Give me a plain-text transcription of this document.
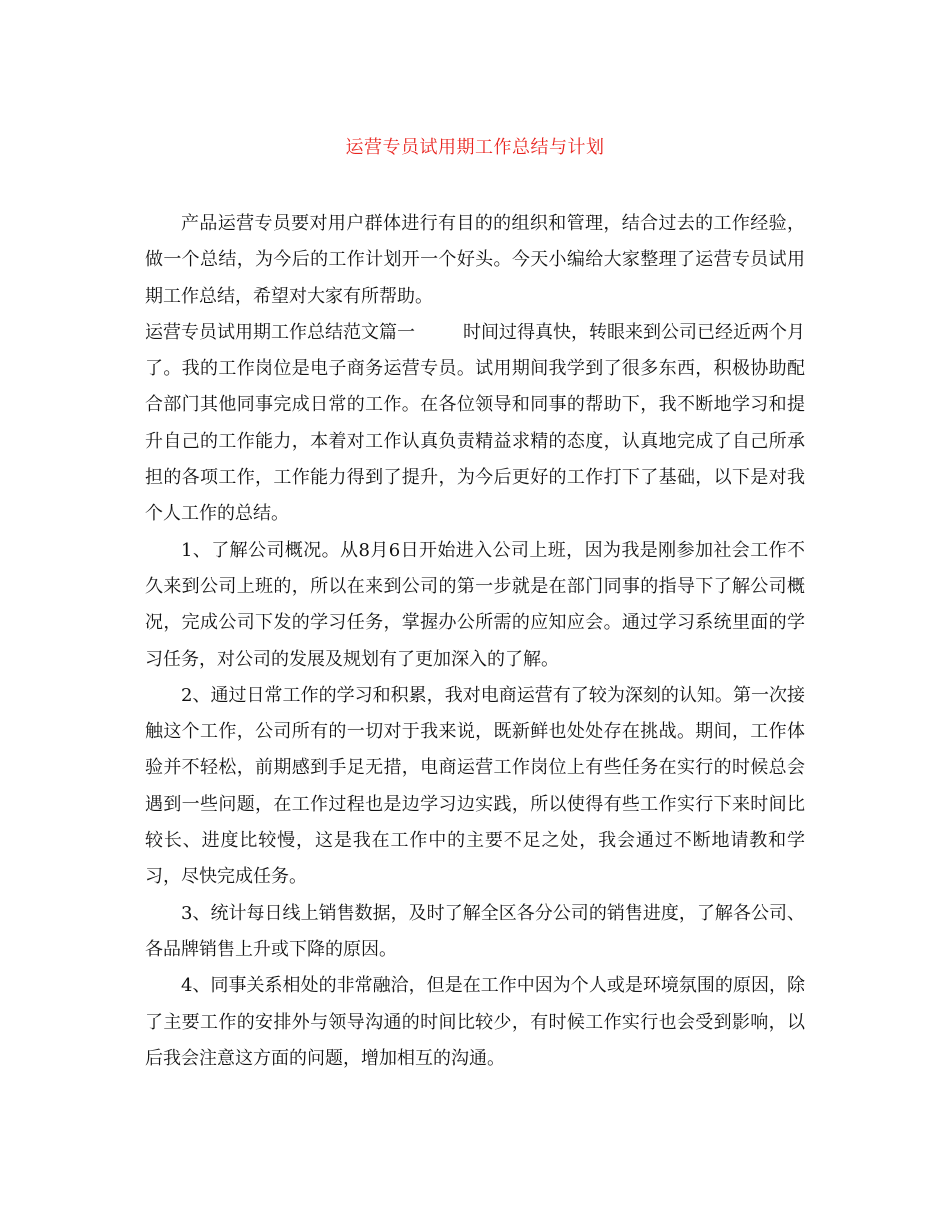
运营专员试用期工作总结与计划

产品运营专员要对用户群体进行有目的的组织和管理，结合过去的工作经验，做一个总结，为今后的工作计划开一个好头。今天小编给大家整理了运营专员试用期工作总结，希望对大家有所帮助。

运营专员试用期工作总结范文篇一	时间过得真快，转眼来到公司已经近两个月了。我的工作岗位是电子商务运营专员。试用期间我学到了很多东西，积极协助配合部门其他同事完成日常的工作。在各位领导和同事的帮助下，我不断地学习和提升自己的工作能力，本着对工作认真负责精益求精的态度，认真地完成了自己所承担的各项工作，工作能力得到了提升，为今后更好的工作打下了基础，以下是对我个人工作的总结。

1、了解公司概况。从8月6日开始进入公司上班，因为我是刚参加社会工作不久来到公司上班的，所以在来到公司的第一步就是在部门同事的指导下了解公司概况，完成公司下发的学习任务，掌握办公所需的应知应会。通过学习系统里面的学习任务，对公司的发展及规划有了更加深入的了解。

2、通过日常工作的学习和积累，我对电商运营有了较为深刻的认知。第一次接触这个工作，公司所有的一切对于我来说，既新鲜也处处存在挑战。期间，工作体验并不轻松，前期感到手足无措，电商运营工作岗位上有些任务在实行的时候总会遇到一些问题，在工作过程也是边学习边实践，所以使得有些工作实行下来时间比较长、进度比较慢，这是我在工作中的主要不足之处，我会通过不断地请教和学习，尽快完成任务。

3、统计每日线上销售数据，及时了解全区各分公司的销售进度，了解各公司、各品牌销售上升或下降的原因。

4、同事关系相处的非常融洽，但是在工作中因为个人或是环境氛围的原因，除了主要工作的安排外与领导沟通的时间比较少，有时候工作实行也会受到影响，以后我会注意这方面的问题，增加相互的沟通。
